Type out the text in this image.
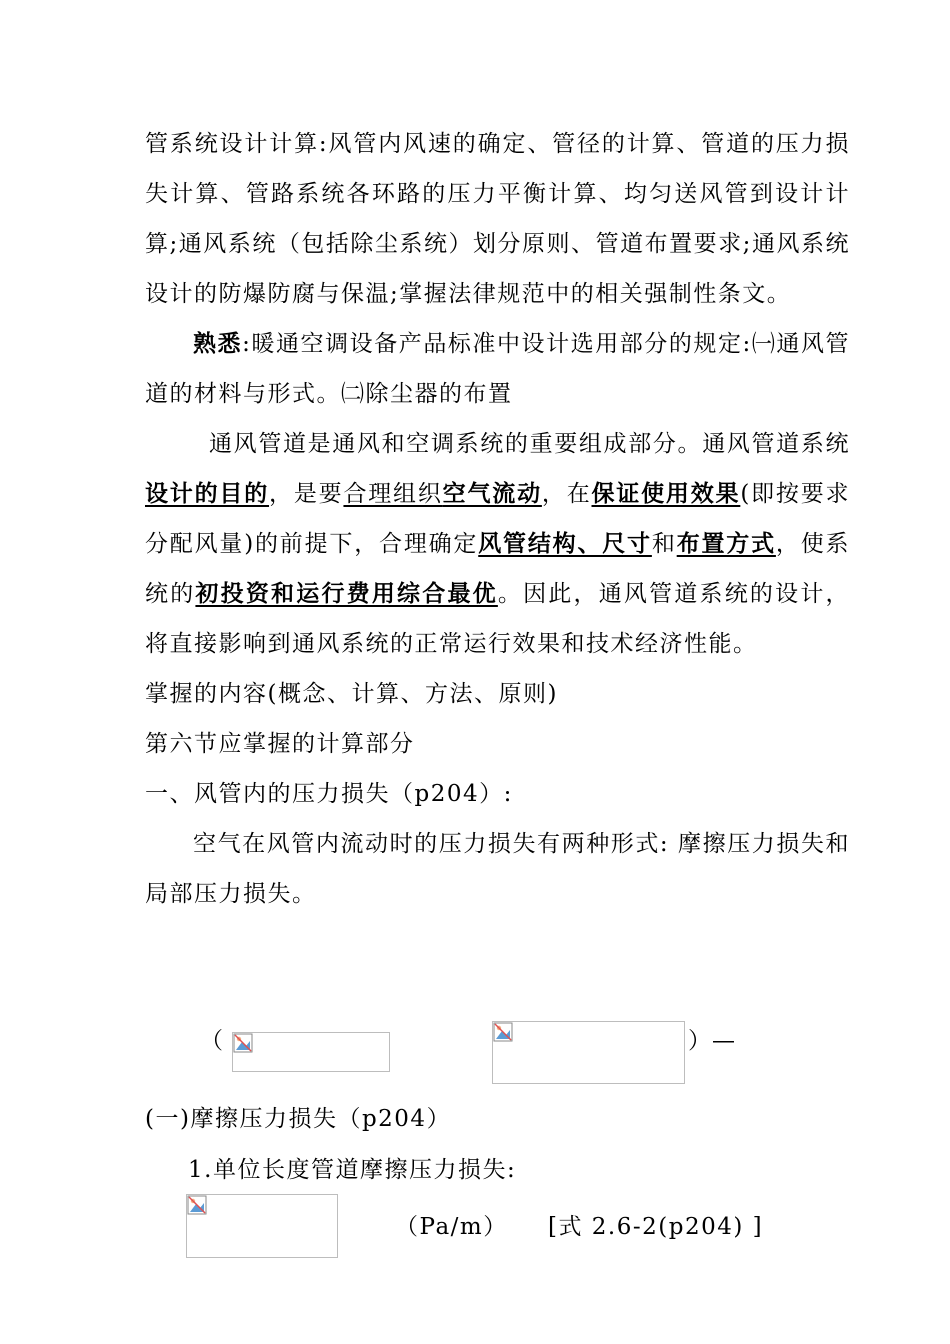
管系统设计计算:风管内风速的确定、管径的计算、管道的压力损失计算、管路系统各环路的压力平衡计算、均匀送风管到设计计算;通风系统（包括除尘系统）划分原则、管道布置要求;通风系统设计的防爆防腐与保温;掌握法律规范中的相关强制性条文。

熟悉:暖通空调设备产品标准中设计选用部分的规定:㈠通风管道的材料与形式。㈡除尘器的布置

通风管道是通风和空调系统的重要组成部分。通风管道系统设计的目的，是要合理组织空气流动，在保证使用效果(即按要求分配风量)的前提下，合理确定风管结构、尺寸和布置方式，使系统的初投资和运行费用综合最优。因此，通风管道系统的设计，将直接影响到通风系统的正常运行效果和技术经济性能。

掌握的内容(概念、计算、方法、原则)

第六节应掌握的计算部分

一、风管内的压力损失（p204）:

空气在风管内流动时的压力损失有两种形式: 摩擦压力损失和局部压力损失。

（	） —
(一)摩擦压力损失（p204）
1.单位长度管道摩擦压力损失:
（Pa/m） [式 2.6-2(p204) ]
